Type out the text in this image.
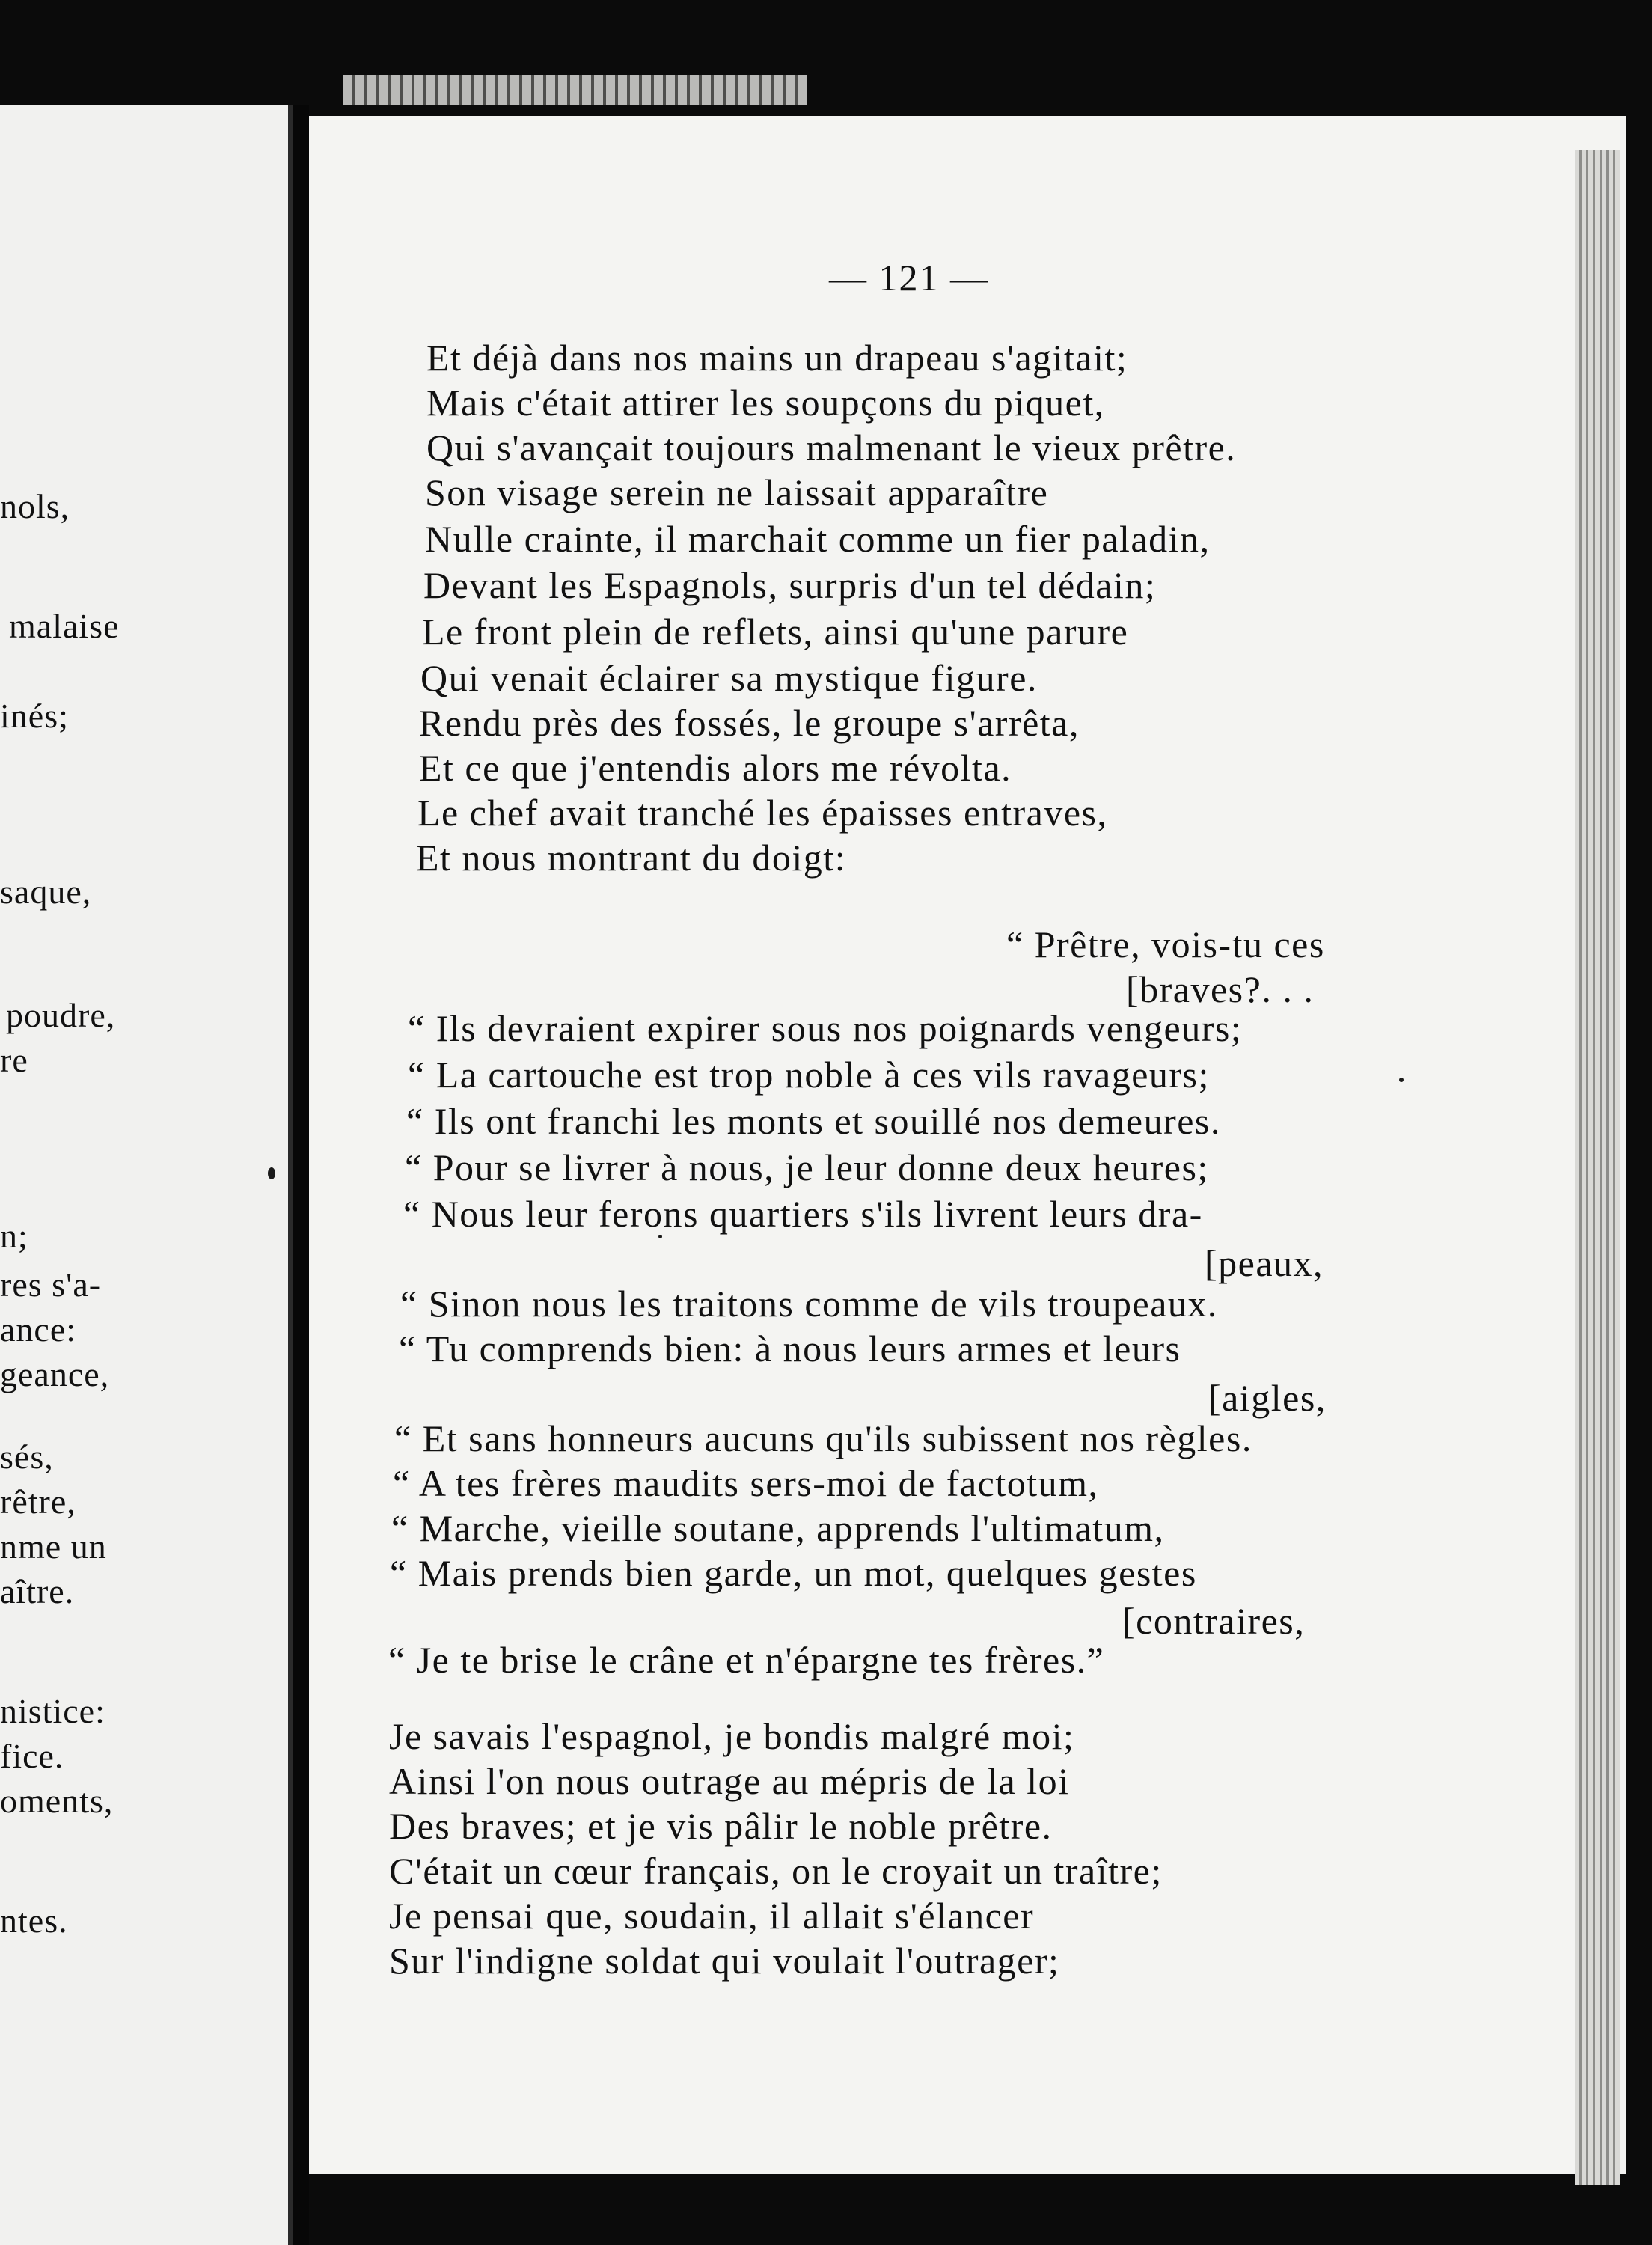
nols,
malaise
inés;
saque,
poudre,
re
n;
res s'a-
ance:
geance,
sés,
rêtre,
nme un
aître.
nistice:
fice.
oments,
ntes.
— 121 —
Et déjà dans nos mains un drapeau s'agitait;
Mais c'était attirer les soupçons du piquet,
Qui s'avançait toujours malmenant le vieux prêtre.
Son visage serein ne laissait apparaître
Nulle crainte, il marchait comme un fier paladin,
Devant les Espagnols, surpris d'un tel dédain;
Le front plein de reflets, ainsi qu'une parure
Qui venait éclairer sa mystique figure.
Rendu près des fossés, le groupe s'arrêta,
Et ce que j'entendis alors me révolta.
Le chef avait tranché les épaisses entraves,
Et nous montrant du doigt:
“ Prêtre, vois-tu ces
[braves?. . .
“ Ils devraient expirer sous nos poignards vengeurs;
“ La cartouche est trop noble à ces vils ravageurs;
“ Ils ont franchi les monts et souillé nos demeures.
“ Pour se livrer à nous, je leur donne deux heures;
“ Nous leur ferons quartiers s'ils livrent leurs dra-
[peaux,
“ Sinon nous les traitons comme de vils troupeaux.
“ Tu comprends bien: à nous leurs armes et leurs
[aigles,
“ Et sans honneurs aucuns qu'ils subissent nos règles.
“ A tes frères maudits sers-moi de factotum,
“ Marche, vieille soutane, apprends l'ultimatum,
“ Mais prends bien garde, un mot, quelques gestes
[contraires,
“ Je te brise le crâne et n'épargne tes frères.”
Je savais l'espagnol, je bondis malgré moi;
Ainsi l'on nous outrage au mépris de la loi
Des braves; et je vis pâlir le noble prêtre.
C'était un cœur français, on le croyait un traître;
Je pensai que, soudain, il allait s'élancer
Sur l'indigne soldat qui voulait l'outrager;
